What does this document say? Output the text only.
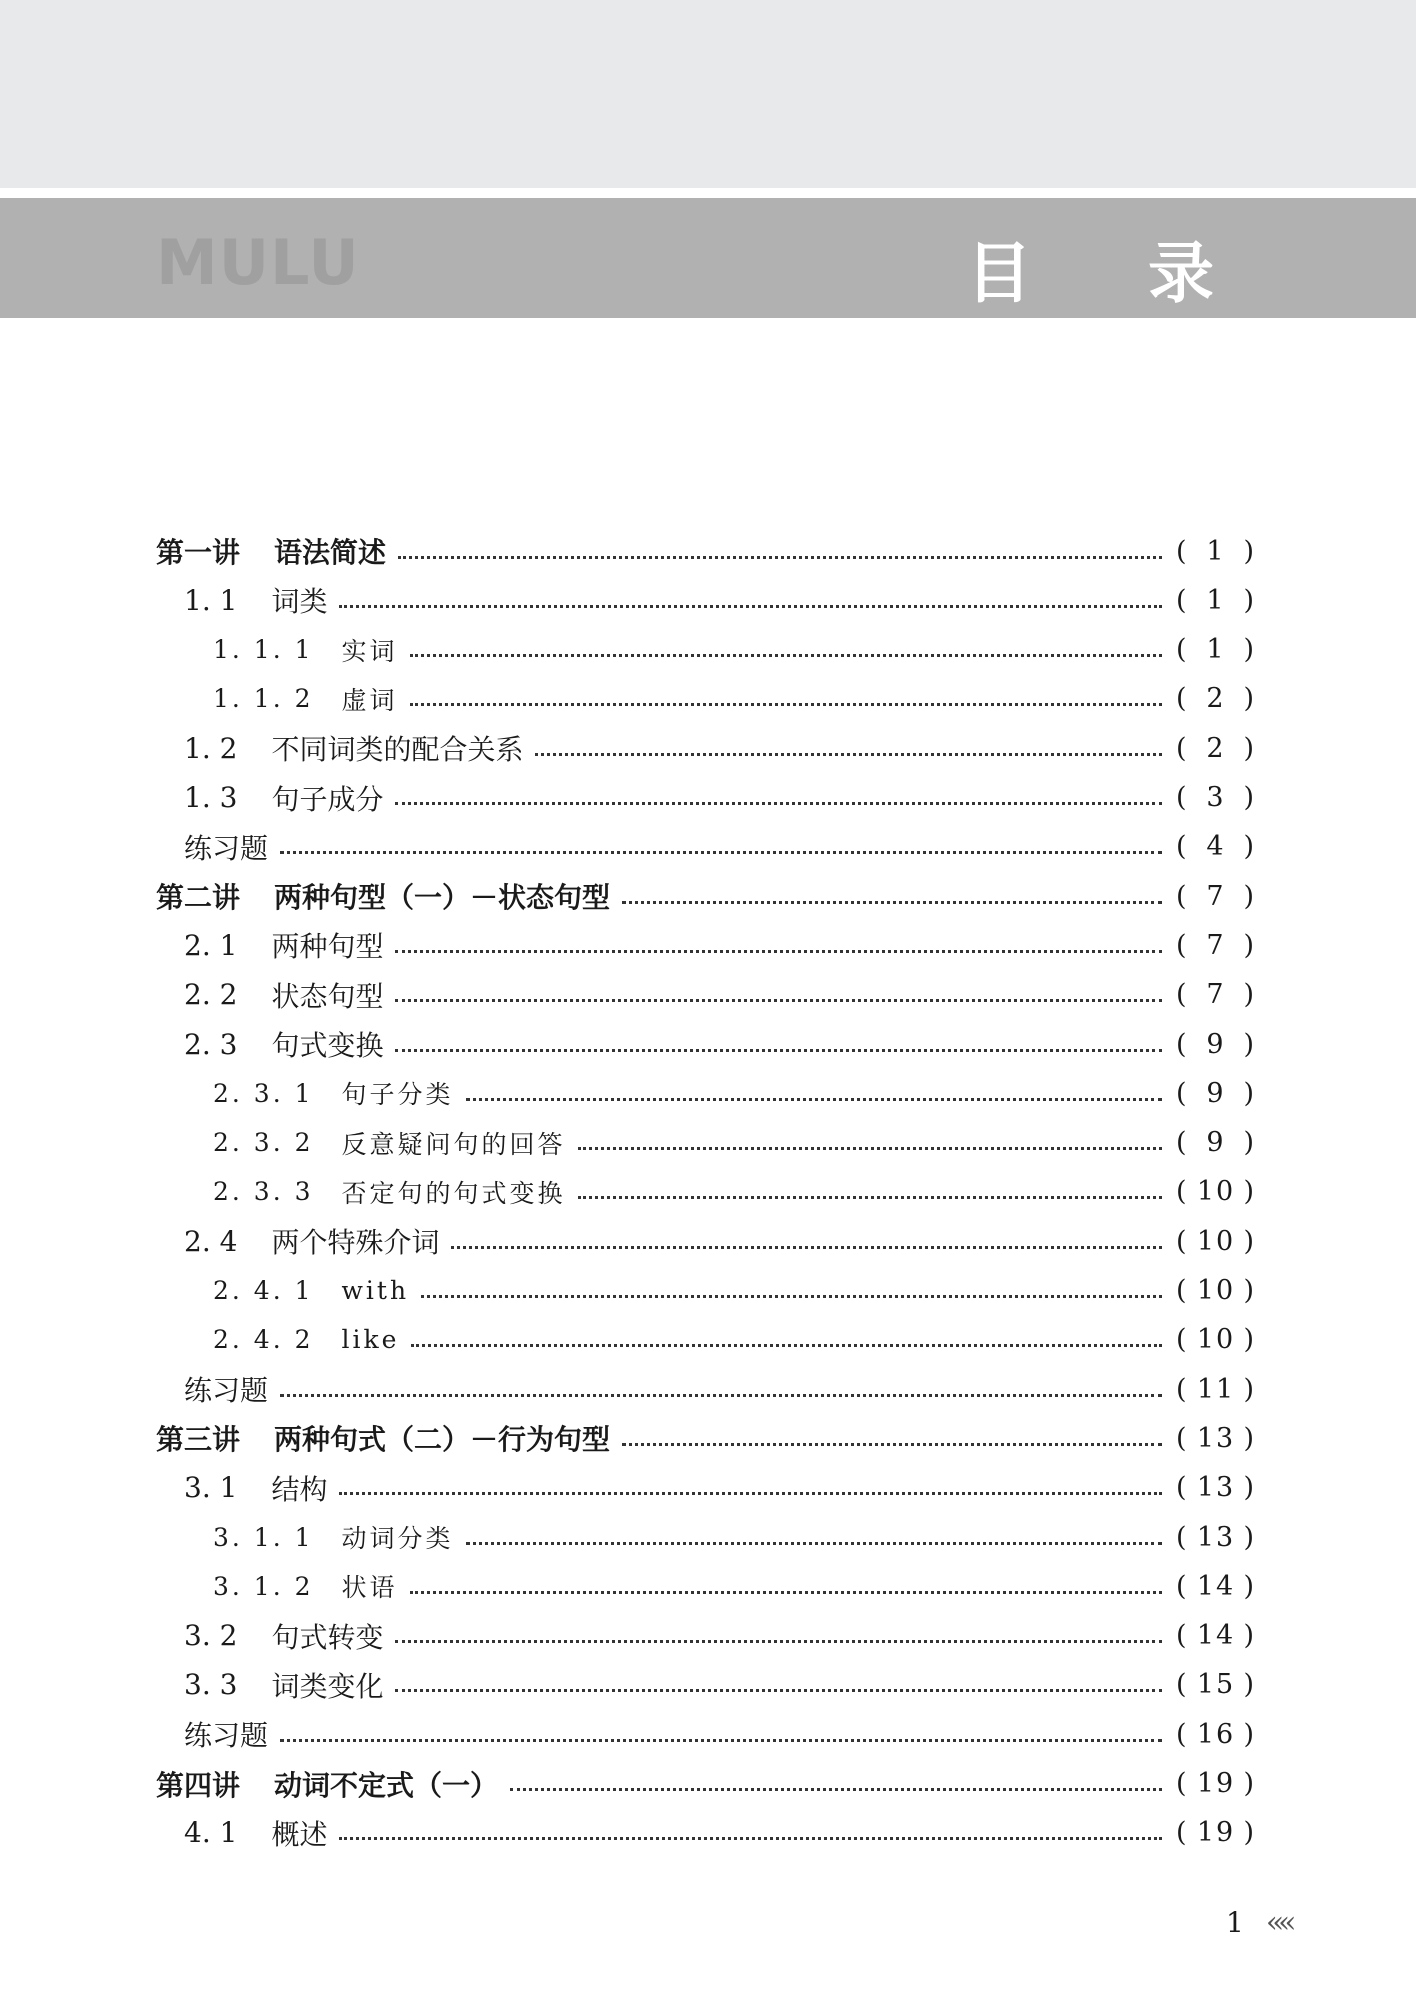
MULU	目 录
第一讲 语法简述	( 1 )
1. 1 词类	( 1 )
1. 1. 1 实词	( 1 )
1. 1. 2 虚词	( 2 )
1. 2 不同词类的配合关系	( 2 )
1. 3 句子成分	( 3 )
练习题	( 4 )
第二讲 两种句型（一）－状态句型	( 7 )
2. 1 两种句型	( 7 )
2. 2 状态句型	( 7 )
2. 3 句式变换	( 9 )
2. 3. 1 句子分类	( 9 )
2. 3. 2 反意疑问句的回答	( 9 )
2. 3. 3 否定句的句式变换	( 10 )
2. 4 两个特殊介词	( 10 )
2. 4. 1 with	( 10 )
2. 4. 2 like	( 10 )
练习题	( 11 )
第三讲 两种句式（二）－行为句型	( 13 )
3. 1 结构	( 13 )
3. 1. 1 动词分类	( 13 )
3. 1. 2 状语	( 14 )
3. 2 句式转变	( 14 )
3. 3 词类变化	( 15 )
练习题	( 16 )
第四讲 动词不定式（一）	( 19 )
4. 1 概述	( 19 )
1 ««
